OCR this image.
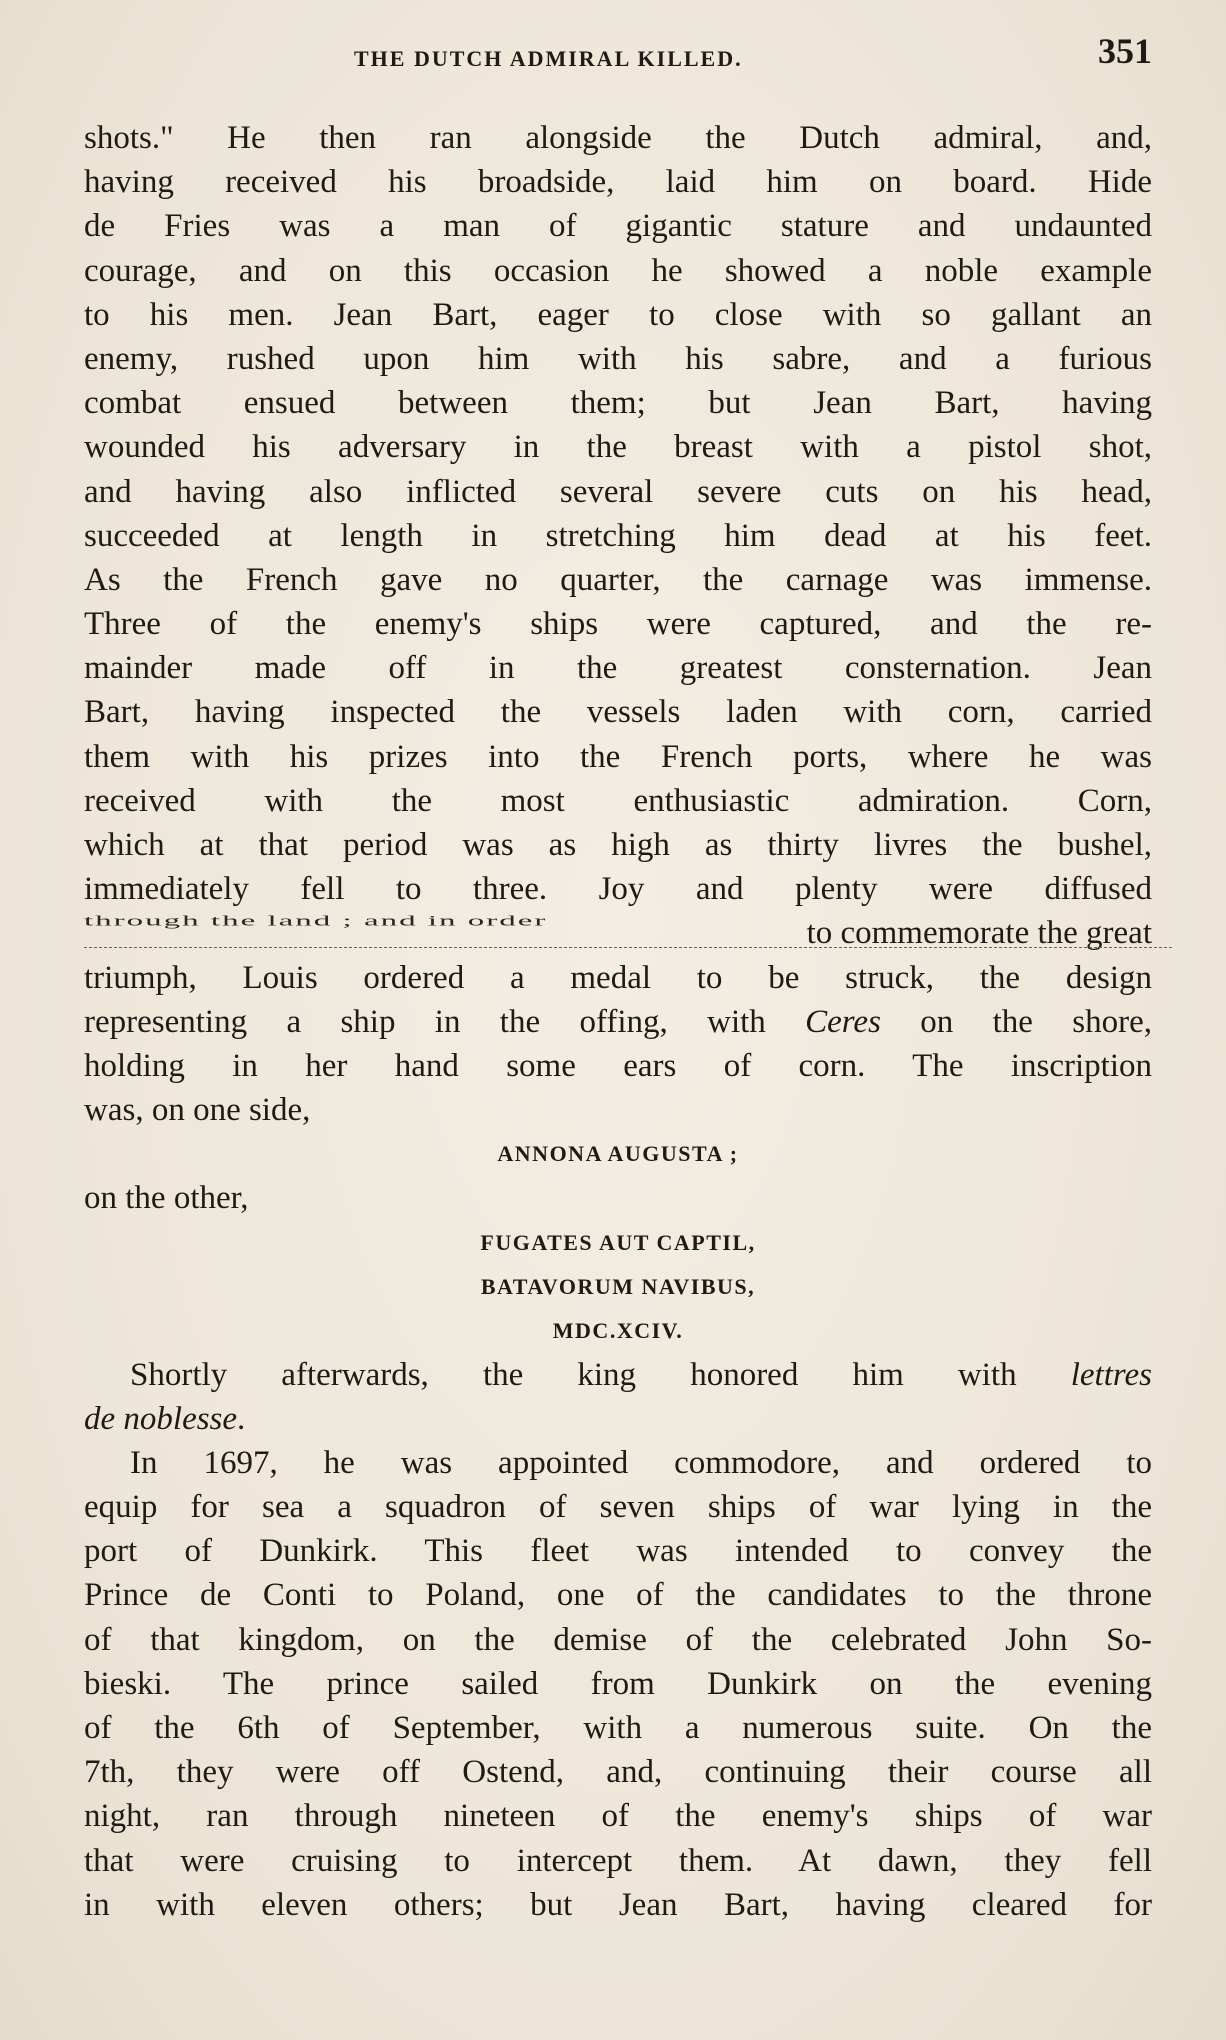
THE DUTCH ADMIRAL KILLED.	351
shots." He then ran alongside the Dutch admiral, and,
having received his broadside, laid him on board. Hide
de Fries was a man of gigantic stature and undaunted
courage, and on this occasion he showed a noble example
to his men. Jean Bart, eager to close with so gallant an
enemy, rushed upon him with his sabre, and a furious
combat ensued between them; but Jean Bart, having
wounded his adversary in the breast with a pistol shot,
and having also inflicted several severe cuts on his head,
succeeded at length in stretching him dead at his feet.
As the French gave no quarter, the carnage was immense.
Three of the enemy's ships were captured, and the re-
mainder made off in the greatest consternation. Jean
Bart, having inspected the vessels laden with corn, carried
them with his prizes into the French ports, where he was
received with the most enthusiastic admiration. Corn,
which at that period was as high as thirty livres the bushel,
immediately fell to three. Joy and plenty were diffused
through the land ; and in order	to commemorate the great
triumph, Louis ordered a medal to be struck, the design
representing a ship in the offing, with Ceres on the shore,
holding in her hand some ears of corn. The inscription
was, on one side,
ANNONA AUGUSTA ;
on the other,
FUGATES AUT CAPTIL,
BATAVORUM NAVIBUS,
MDC.XCIV.
Shortly afterwards, the king honored him with lettres
de noblesse.
In 1697, he was appointed commodore, and ordered to
equip for sea a squadron of seven ships of war lying in the
port of Dunkirk. This fleet was intended to convey the
Prince de Conti to Poland, one of the candidates to the throne
of that kingdom, on the demise of the celebrated John So-
bieski. The prince sailed from Dunkirk on the evening
of the 6th of September, with a numerous suite. On the
7th, they were off Ostend, and, continuing their course all
night, ran through nineteen of the enemy's ships of war
that were cruising to intercept them. At dawn, they fell
in with eleven others; but Jean Bart, having cleared for
